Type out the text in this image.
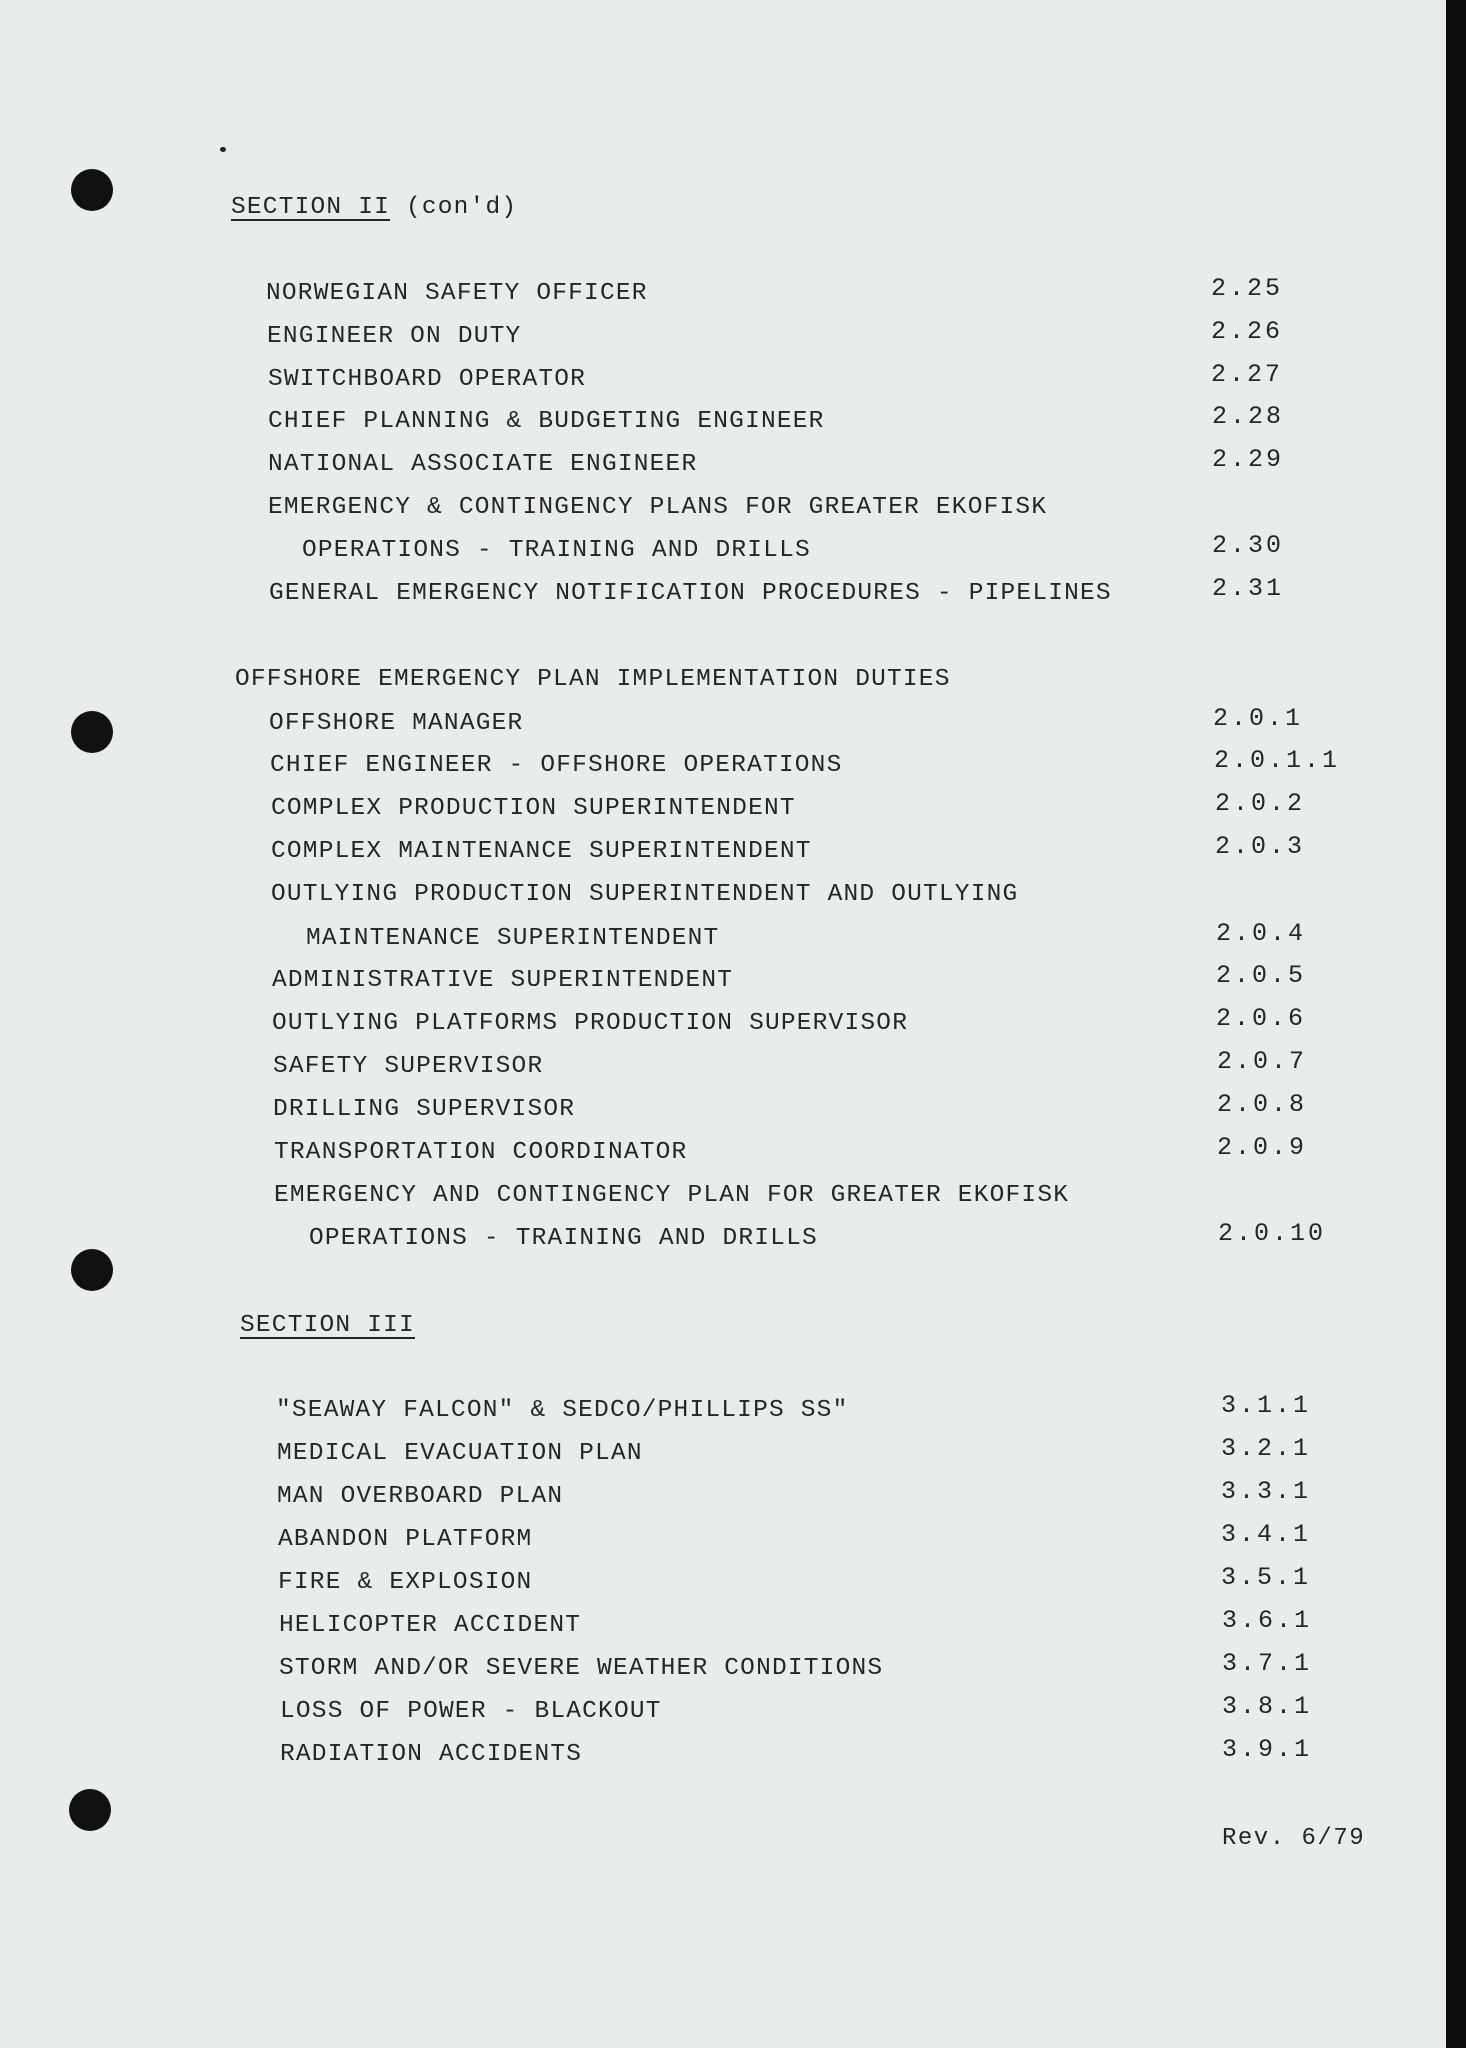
SECTION II (con'd)
NORWEGIAN SAFETY OFFICER	2.25
ENGINEER ON DUTY	2.26
SWITCHBOARD OPERATOR	2.27
CHIEF PLANNING & BUDGETING ENGINEER	2.28
NATIONAL ASSOCIATE ENGINEER	2.29
EMERGENCY & CONTINGENCY PLANS FOR GREATER EKOFISK
OPERATIONS - TRAINING AND DRILLS	2.30
GENERAL EMERGENCY NOTIFICATION PROCEDURES - PIPELINES	2.31
OFFSHORE EMERGENCY PLAN IMPLEMENTATION DUTIES
OFFSHORE MANAGER	2.0.1
CHIEF ENGINEER - OFFSHORE OPERATIONS	2.0.1.1
COMPLEX PRODUCTION SUPERINTENDENT	2.0.2
COMPLEX MAINTENANCE SUPERINTENDENT	2.0.3
OUTLYING PRODUCTION SUPERINTENDENT AND OUTLYING
MAINTENANCE SUPERINTENDENT	2.0.4
ADMINISTRATIVE SUPERINTENDENT	2.0.5
OUTLYING PLATFORMS PRODUCTION SUPERVISOR	2.0.6
SAFETY SUPERVISOR	2.0.7
DRILLING SUPERVISOR	2.0.8
TRANSPORTATION COORDINATOR	2.0.9
EMERGENCY AND CONTINGENCY PLAN FOR GREATER EKOFISK
OPERATIONS - TRAINING AND DRILLS	2.0.10
SECTION III
"SEAWAY FALCON" & SEDCO/PHILLIPS SS"	3.1.1
MEDICAL EVACUATION PLAN	3.2.1
MAN OVERBOARD PLAN	3.3.1
ABANDON PLATFORM	3.4.1
FIRE & EXPLOSION	3.5.1
HELICOPTER ACCIDENT	3.6.1
STORM AND/OR SEVERE WEATHER CONDITIONS	3.7.1
LOSS OF POWER - BLACKOUT	3.8.1
RADIATION ACCIDENTS	3.9.1
Rev. 6/79
